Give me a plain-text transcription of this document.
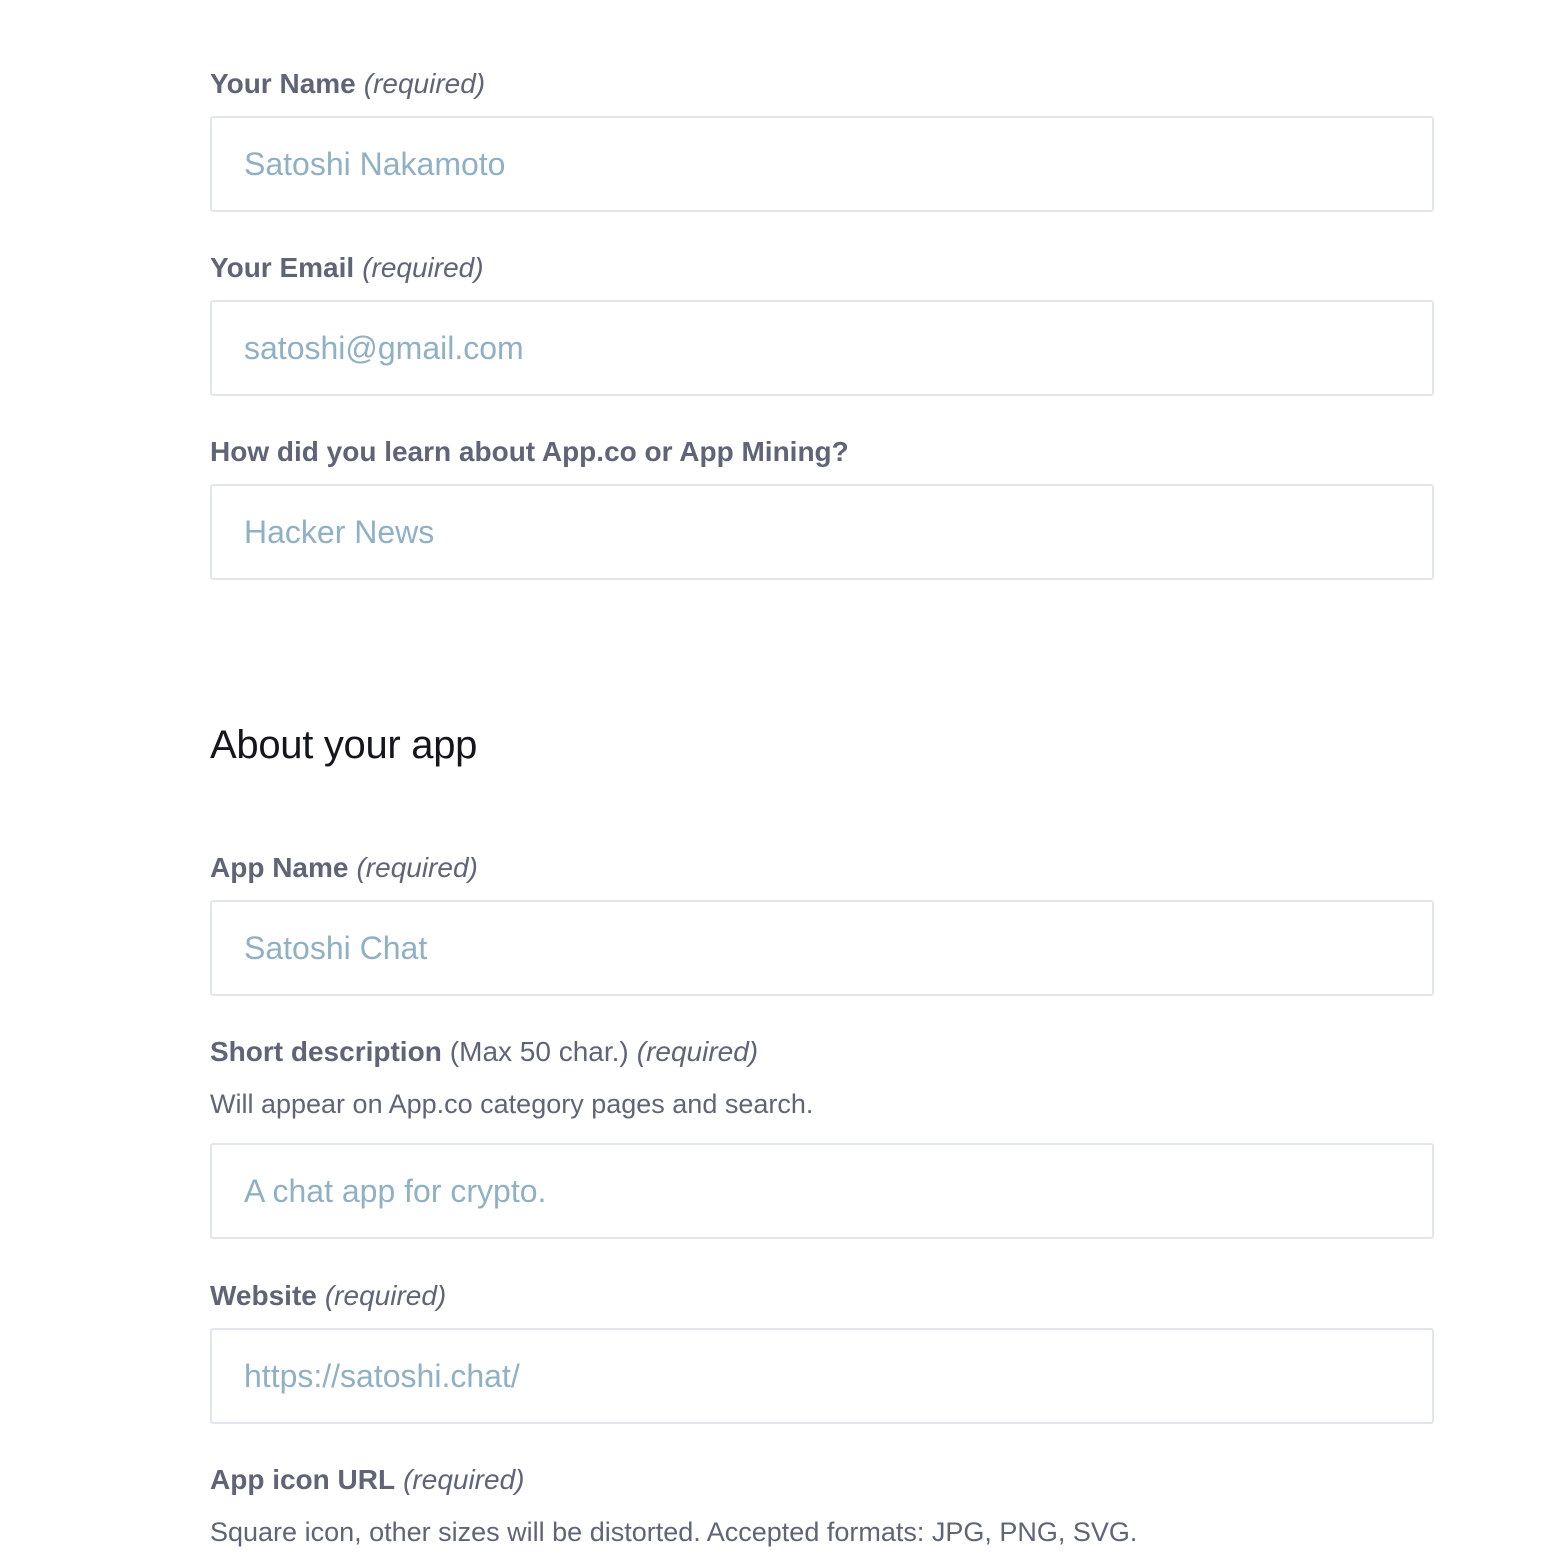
Your Name (required)
Satoshi Nakamoto
Your Email (required)
satoshi@gmail.com
How did you learn about App.co or App Mining?
Hacker News
About your app
App Name (required)
Satoshi Chat
Short description (Max 50 char.) (required)
Will appear on App.co category pages and search.
A chat app for crypto.
Website (required)
https://satoshi.chat/
App icon URL (required)
Square icon, other sizes will be distorted. Accepted formats: JPG, PNG, SVG.
